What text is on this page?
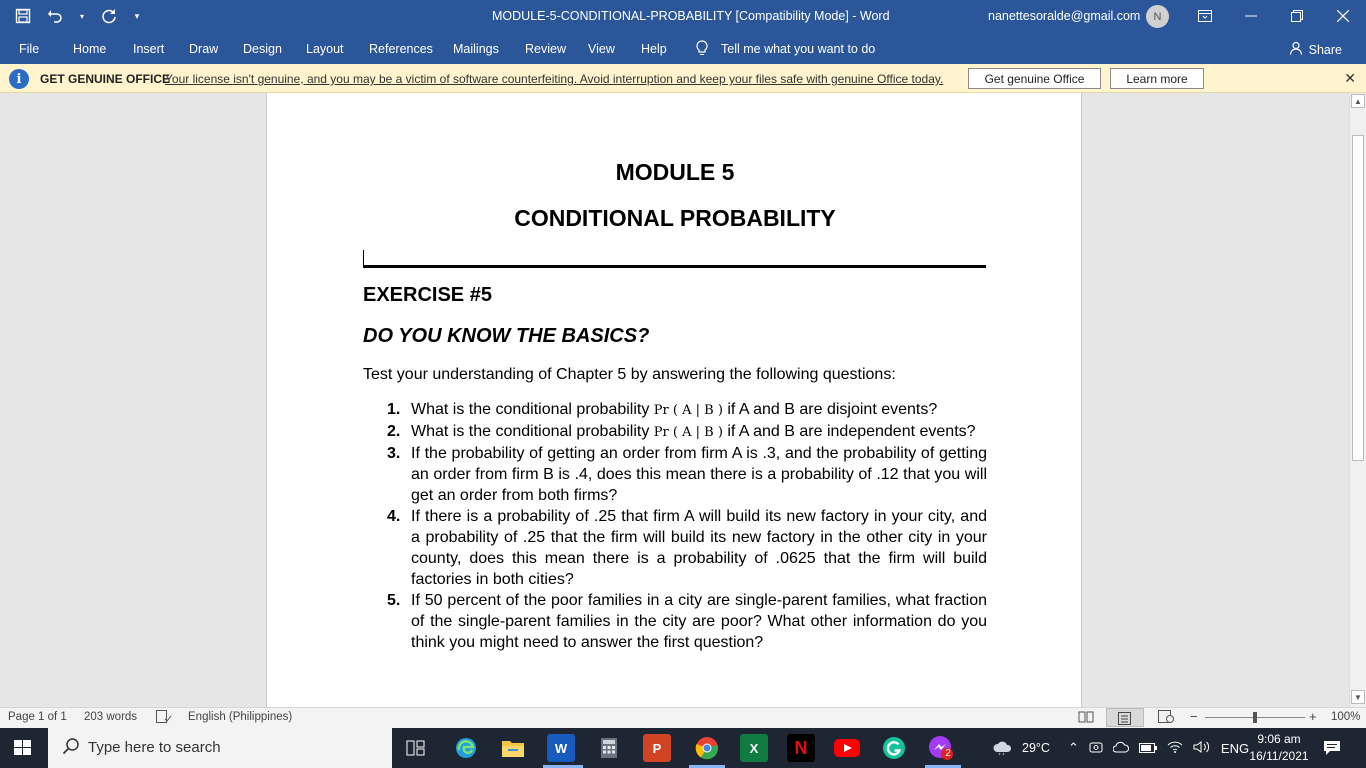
▾	▾	MODULE-5-CONDITIONAL-PROBABILITY [Compatibility Mode] - Word	nanettesoralde@gmail.com	N
File	Home Insert Draw Design Layout References Mailings Review View Help	Tell me what you want to do	Share
i	GET GENUINE OFFICE
Your license isn't genuine, and you may be a victim of software counterfeiting. Avoid interruption and keep your files safe with genuine Office today.	Get genuine Office	Learn more	✕
MODULE 5
CONDITIONAL PROBABILITY
EXERCISE #5
DO YOU KNOW THE BASICS?
Test your understanding of Chapter 5 by answering the following questions:
1. What is the conditional probability Pr ( A | B ) if A and B are disjoint events?
2. What is the conditional probability Pr ( A | B ) if A and B are independent events?
3. If the probability of getting an order from firm A is .3, and the probability of getting an order from firm B is .4, does this mean there is a probability of .12 that you will get an order from both firms?
4. If there is a probability of .25 that firm A will build its new factory in your city, and a probability of .25 that the firm will build its new factory in the other city in your county, does this mean there is a probability of .0625 that the firm will build factories in both cities?
5. If 50 percent of the poor families in a city are single-parent families, what fraction of the single-parent families in the city are poor? What other information do you think you might need to answer the first question?
▲
▼
Page 1 of 1 203 words	English (Philippines)	−	+ 100%
Type here to search	W	P	X	N	2	29°C ⌃	ENG
9:06 am
16/11/2021
